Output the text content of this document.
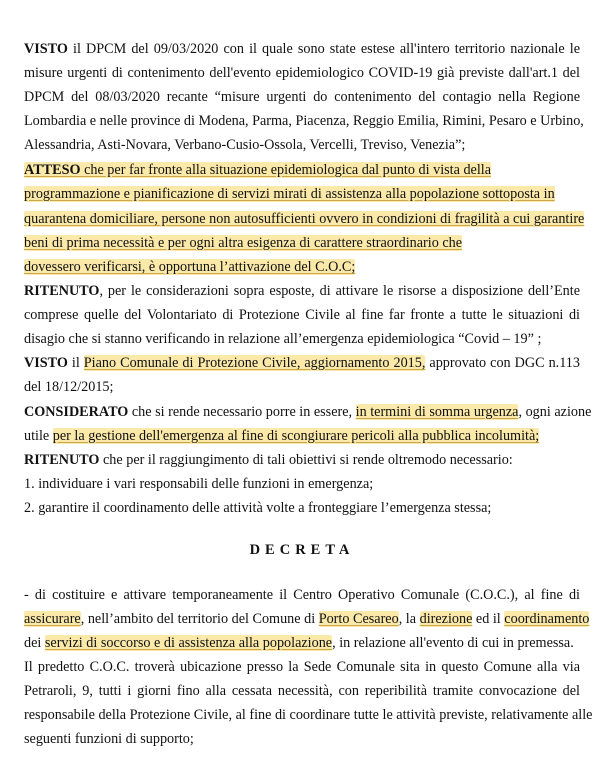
VISTO il DPCM del 09/03/2020 con il quale sono state estese all'intero territorio nazionale le
misure urgenti di contenimento dell'evento epidemiologico COVID-19 già previste dall'art.1 del
DPCM del 08/03/2020 recante “misure urgenti do contenimento del contagio nella Regione
Lombardia e nelle province di Modena, Parma, Piacenza, Reggio Emilia, Rimini, Pesaro e Urbino,
Alessandria, Asti-Novara, Verbano-Cusio-Ossola, Vercelli, Treviso, Venezia”;
ATTESO che per far fronte alla situazione epidemiologica dal punto di vista della
programmazione e pianificazione di servizi mirati di assistenza alla popolazione sottoposta in
quarantena domiciliare, persone non autosufficienti ovvero in condizioni di fragilità a cui garantire
beni di prima necessità e per ogni altra esigenza di carattere straordinario che
dovessero verificarsi, è opportuna l’attivazione del C.O.C;
RITENUTO, per le considerazioni sopra esposte, di attivare le risorse a disposizione dell’Ente
comprese quelle del Volontariato di Protezione Civile al fine far fronte a tutte le situazioni di
disagio che si stanno verificando in relazione all’emergenza epidemiologica “Covid – 19” ;
VISTO il Piano Comunale di Protezione Civile, aggiornamento 2015, approvato con DGC n.113
del 18/12/2015;
CONSIDERATO che si rende necessario porre in essere, in termini di somma urgenza, ogni azione
utile per la gestione dell'emergenza al fine di scongiurare pericoli alla pubblica incolumità;
RITENUTO che per il raggiungimento di tali obiettivi si rende oltremodo necessario:
1. individuare i vari responsabili delle funzioni in emergenza;
2. garantire il coordinamento delle attività volte a fronteggiare l’emergenza stessa;
DECRETA
- di costituire e attivare temporaneamente il Centro Operativo Comunale (C.O.C.), al fine di
assicurare, nell’ambito del territorio del Comune di Porto Cesareo, la direzione ed il coordinamento
dei servizi di soccorso e di assistenza alla popolazione, in relazione all'evento di cui in premessa.
Il predetto C.O.C. troverà ubicazione presso la Sede Comunale sita in questo Comune alla via
Petraroli, 9, tutti i giorni fino alla cessata necessità, con reperibilità tramite convocazione del
responsabile della Protezione Civile, al fine di coordinare tutte le attività previste, relativamente alle
seguenti funzioni di supporto;
